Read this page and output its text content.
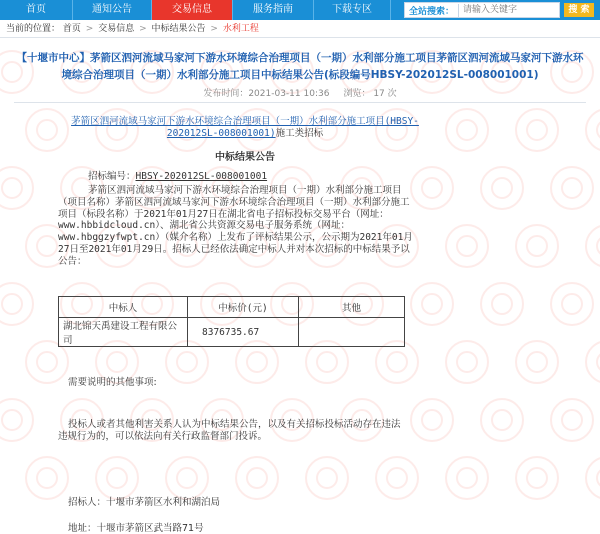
首页	通知公告	交易信息	服务指南	下载专区	全站搜索：
请输入关键字	搜 索
当前的位置： 首页 > 交易信息 > 中标结果公告 > 水利工程
【十堰市中心】茅箭区泗河流域马家河下游水环境综合治理项目（一期）水利部分施工项目茅箭区泗河流域马家河下游水环境综合治理项目（一期）水利部分施工项目中标结果公告(标段编号HBSY-202012SL-008001001)
发布时间：2021-03-11 10:36 浏览： 17 次
茅箭区泗河流域马家河下游水环境综合治理项目（一期）水利部分施工项目(HBSY-202012SL-008001001)施工类招标
中标结果公告
招标编号：HBSY-202012SL-008001001
茅箭区泗河流域马家河下游水环境综合治理项目（一期）水利部分施工项目（项目名称）茅箭区泗河流域马家河下游水环境综合治理项目（一期）水利部分施工项目（标段名称）于2021年01月27日在湖北省电子招标投标交易平台（网址：www.hbbidcloud.cn）、湖北省公共资源交易电子服务系统（网址：www.hbggzyfwpt.cn）（媒介名称）上发布了评标结果公示，公示期为2021年01月27日至2021年01月29日。招标人已经依法确定中标人并对本次招标的中标结果予以公告：
中标人	中标价(元)	其他
湖北锦天禹建设工程有限公司	8376735.67	
需要说明的其他事项:
投标人或者其他利害关系人认为中标结果公告，以及有关招标投标活动存在违法违规行为的，可以依法向有关行政监督部门投诉。
招标人：十堰市茅箭区水利和湖泊局
地址：十堰市茅箭区武当路71号
